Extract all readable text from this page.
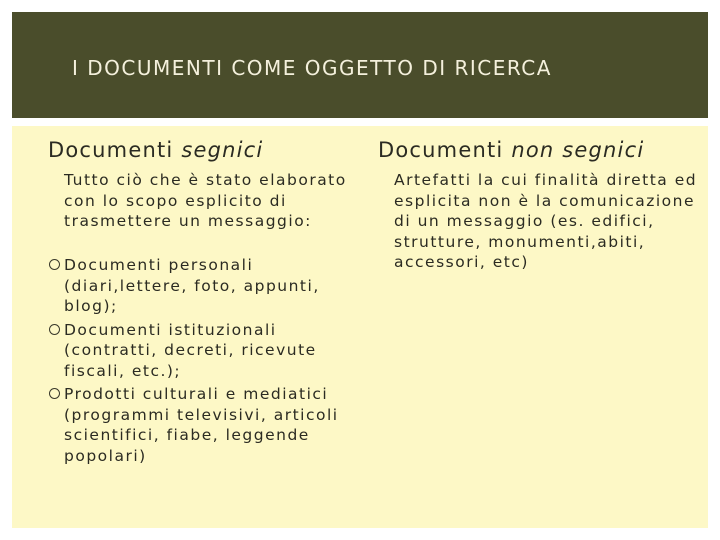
I DOCUMENTI COME OGGETTO DI RICERCA
Documenti segnici
Tutto ciò che è stato elaborato con lo scopo esplicito di trasmettere un messaggio:
Documenti personali (diari,lettere, foto, appunti, blog);
Documenti istituzionali (contratti, decreti, ricevute fiscali, etc.);
Prodotti culturali e mediatici (programmi televisivi, articoli scientifici, fiabe, leggende popolari)
Documenti non segnici
Artefatti la cui finalità diretta ed esplicita non è la comunicazione di un messaggio (es. edifici, strutture, monumenti,abiti, accessori, etc)
